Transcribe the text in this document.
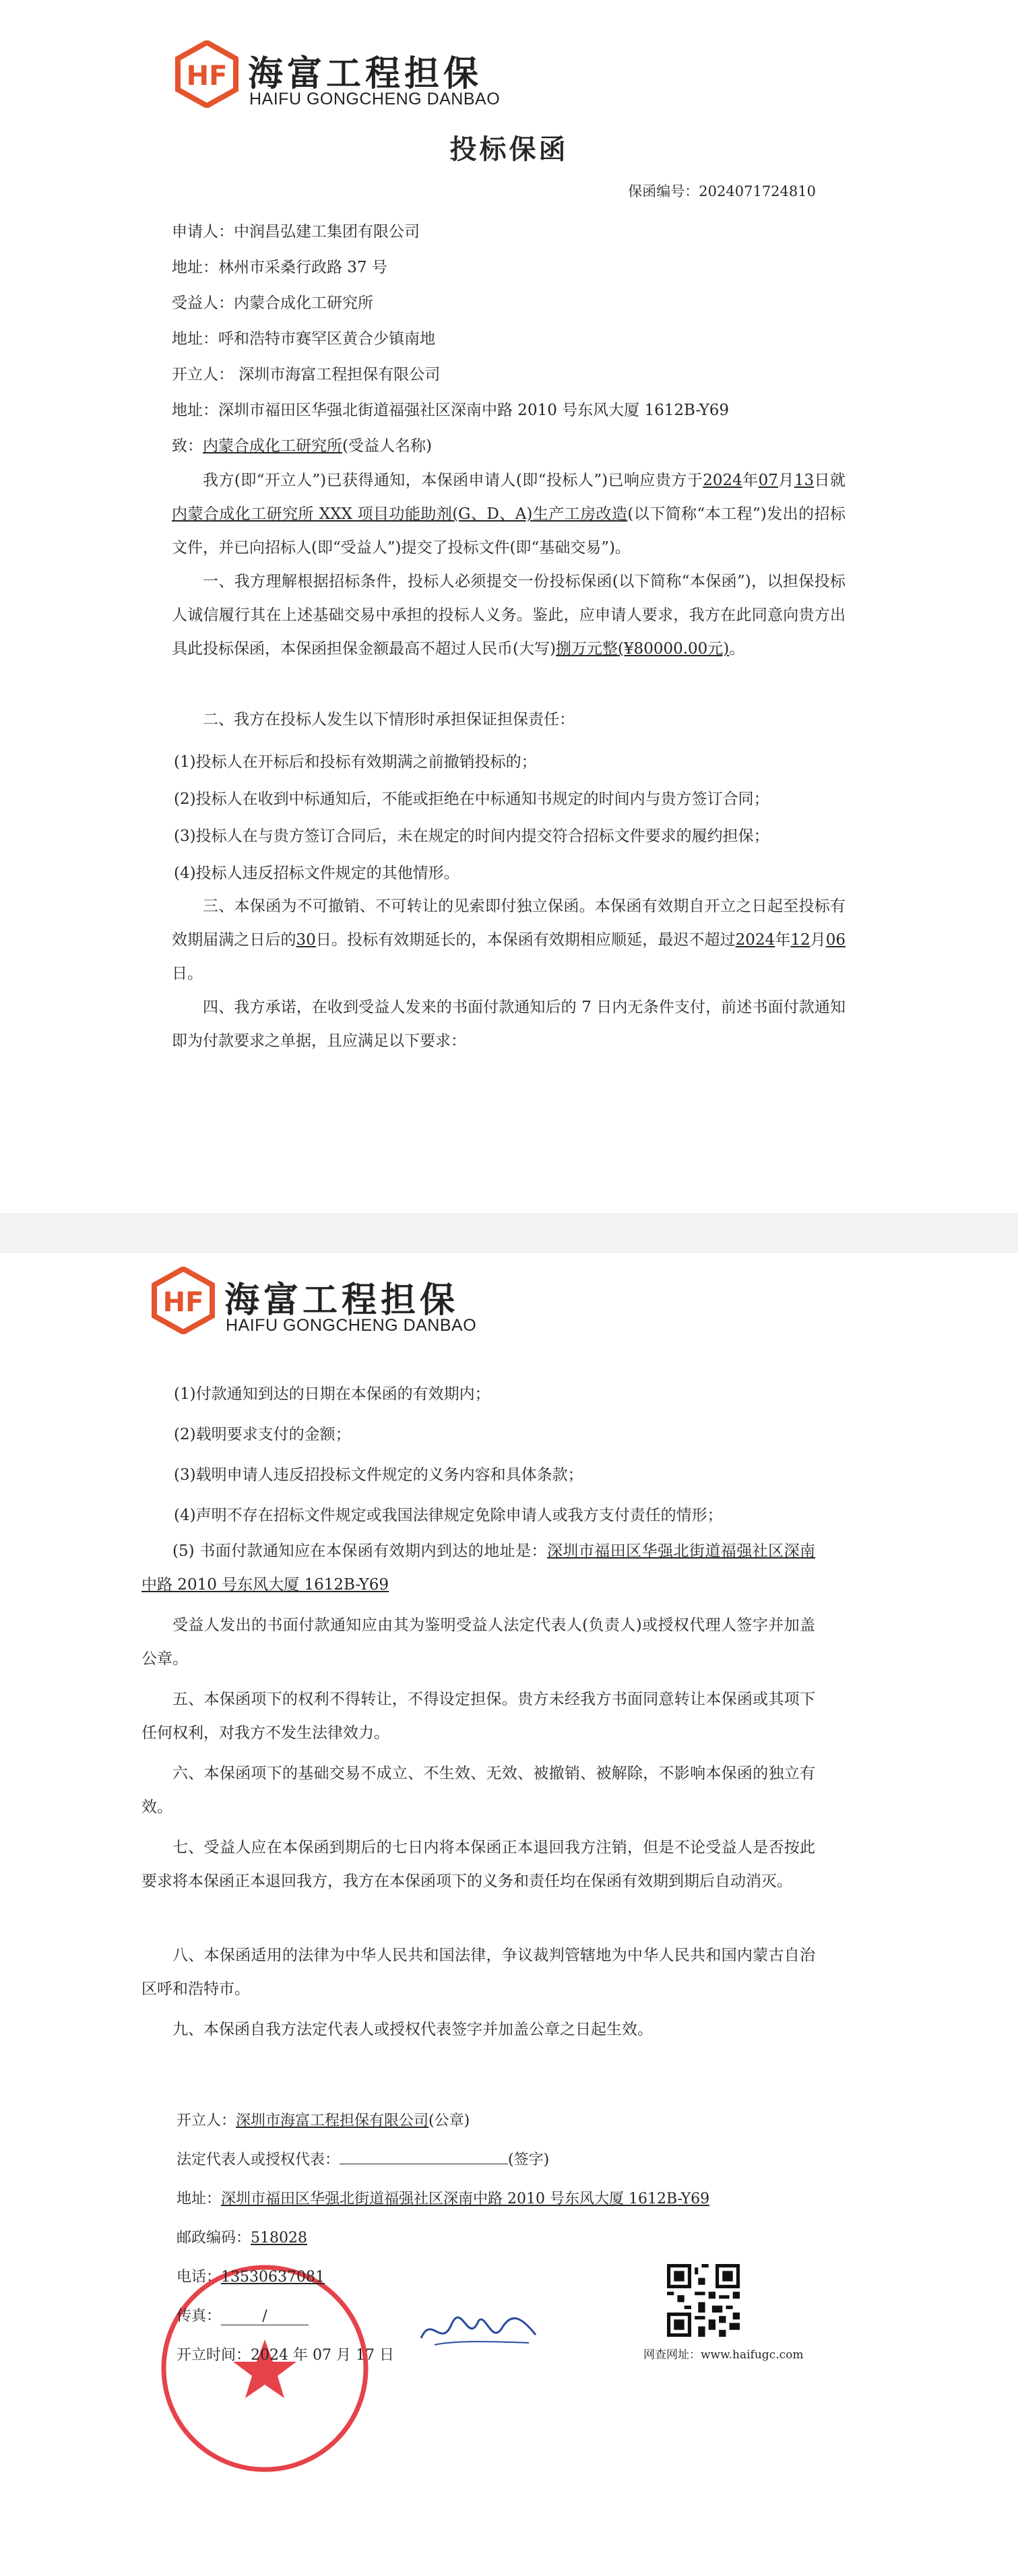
HF 海富工程担保
HAIFU GONGCHENG DANBAO
投标保函
保函编号：2024071724810
申请人：中润昌弘建工集团有限公司
地址：林州市采桑行政路 37 号
受益人：内蒙合成化工研究所
地址：呼和浩特市赛罕区黄合少镇南地
开立人： 深圳市海富工程担保有限公司
地址：深圳市福田区华强北街道福强社区深南中路 2010 号东风大厦 1612B-Y69
致：内蒙合成化工研究所(受益人名称)
我方(即“开立人”)已获得通知，本保函申请人(即“投标人”)已响应贵方于2024年07月13日就内蒙合成化工研究所 XXX 项目功能助剂(G、D、A)生产工房改造(以下简称“本工程”)发出的招标文件，并已向招标人(即“受益人”)提交了投标文件(即“基础交易”)。
一、我方理解根据招标条件，投标人必须提交一份投标保函(以下简称“本保函”)，以担保投标人诚信履行其在上述基础交易中承担的投标人义务。鉴此，应申请人要求，我方在此同意向贵方出具此投标保函，本保函担保金额最高不超过人民币(大写)捌万元整(¥80000.00元)。
二、我方在投标人发生以下情形时承担保证担保责任：
(1)投标人在开标后和投标有效期满之前撤销投标的；
(2)投标人在收到中标通知后，不能或拒绝在中标通知书规定的时间内与贵方签订合同；
(3)投标人在与贵方签订合同后，未在规定的时间内提交符合招标文件要求的履约担保；
(4)投标人违反招标文件规定的其他情形。
三、本保函为不可撤销、不可转让的见索即付独立保函。本保函有效期自开立之日起至投标有效期届满之日后的30日。投标有效期延长的，本保函有效期相应顺延，最迟不超过2024年12月06日。
四、我方承诺，在收到受益人发来的书面付款通知后的 7 日内无条件支付，前述书面付款通知即为付款要求之单据，且应满足以下要求：
HF 海富工程担保
HAIFU GONGCHENG DANBAO
(1)付款通知到达的日期在本保函的有效期内；
(2)载明要求支付的金额；
(3)载明申请人违反招投标文件规定的义务内容和具体条款；
(4)声明不存在招标文件规定或我国法律规定免除申请人或我方支付责任的情形；
(5) 书面付款通知应在本保函有效期内到达的地址是：深圳市福田区华强北街道福强社区深南中路 2010 号东风大厦 1612B-Y69
受益人发出的书面付款通知应由其为鉴明受益人法定代表人(负责人)或授权代理人签字并加盖公章。
五、本保函项下的权利不得转让，不得设定担保。贵方未经我方书面同意转让本保函或其项下任何权利，对我方不发生法律效力。
六、本保函项下的基础交易不成立、不生效、无效、被撤销、被解除，不影响本保函的独立有效。
七、受益人应在本保函到期后的七日内将本保函正本退回我方注销，但是不论受益人是否按此要求将本保函正本退回我方，我方在本保函项下的义务和责任均在保函有效期到期后自动消灭。
八、本保函适用的法律为中华人民共和国法律，争议裁判管辖地为中华人民共和国内蒙古自治区呼和浩特市。
九、本保函自我方法定代表人或授权代表签字并加盖公章之日起生效。
开立人：深圳市海富工程担保有限公司(公章)
法定代表人或授权代表：	(签字)
地址：深圳市福田区华强北街道福强社区深南中路 2010 号东风大厦 1612B-Y69
邮政编码：518028
电话：13530637081
传真：	/
开立时间：2024 年 07 月 17 日	网查网址：www.haifugc.com
